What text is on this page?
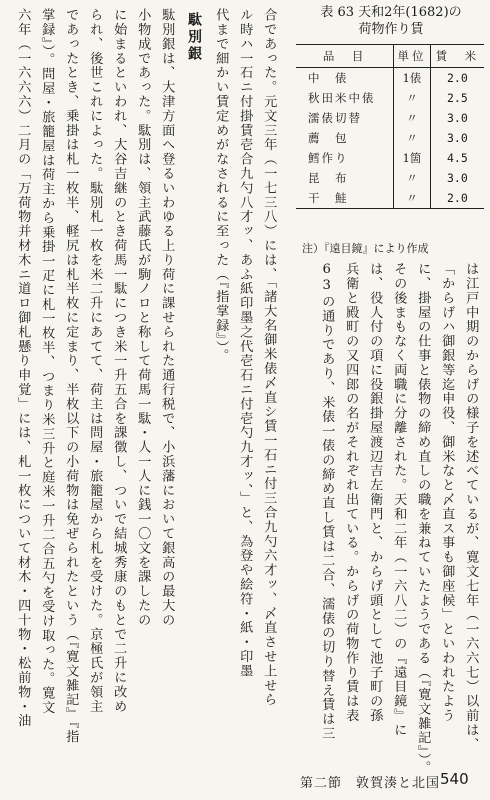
表 63 天和2年(1682)の
荷物作り賃
品　目	単位	賃　米
中　俵	1俵	2.0
秋田米中俵	〃	2.5
濡俵切替	〃	3.0
薦　包	〃	3.0
鱈作り	1箇	4.5
昆　布	〃	3.0
干　鮭	〃	2.0
注）『遠目鏡』により作成
は江戸中期のからげの様子を述べているが、寛文七年（一六六七）以前は、
「からげハ御銀等迄申役、御米なと〆直ス事も御座候」といわれたよう
に、掛屋の仕事と俵物の締め直しの職を兼ねていたようである（『寛文雑記』）。
その後まもなく両職に分離された。天和二年（一六八二）の『遠目鏡』に
は、役人付の項に役銀掛屋渡辺吉左衛門と、からげ頭として池子町の孫
兵衛と殿町の又四郎の名がそれぞれ出ている。からげの荷物作り賃は表
63の通りであり、米俵一俵の締め直し賃は二合、濡俵の切り替え賃は三
合であった。元文三年（一七三八）には、「諸大名御米俵〆直シ賃一石ニ付三合九勺六才ッ、〆直させ上せら
ル時ハ一石ニ付掛賃壱合九勺八才ッ、あふ紙印墨之代壱石ニ付壱勺九才ッ、」と、為登や絵符・紙・印墨
代まで細かい賃定めがなされるに至った（『指掌録』）。
駄別銀
駄別銀は、大津方面へ登るいわゆる上り荷に課せられた通行税で、小浜藩において銀高の最大の
小物成であった。駄別は、領主武藤氏が駒ノロと称して荷馬一駄・人一人に銭一〇文を課したの
に始まるといわれ、大谷吉継のとき荷馬一駄につき米一升五合を課徴し、ついで結城秀康のもとで二升に改め
られ、後世これによった。駄別札一枚を米二升にあてて、荷主は問屋・旅籠屋から札を受けた。京極氏が領主
であったとき、乗掛は札一枚半、軽尻は札半枚に定まり、半枚以下の小荷物は免ぜられたという（『寛文雑記』『指
掌録』）。問屋・旅籠屋は荷主から乗掛一疋に札一枚半、つまり米三升と庭米一升二合五勺を受け取った。寛文
六年（一六六六）二月の「万荷物并材木ニ道ロ御札懸り申覚」には、札一枚について材木・四十物・松前物・油
第二節　敦賀湊と北国 540
